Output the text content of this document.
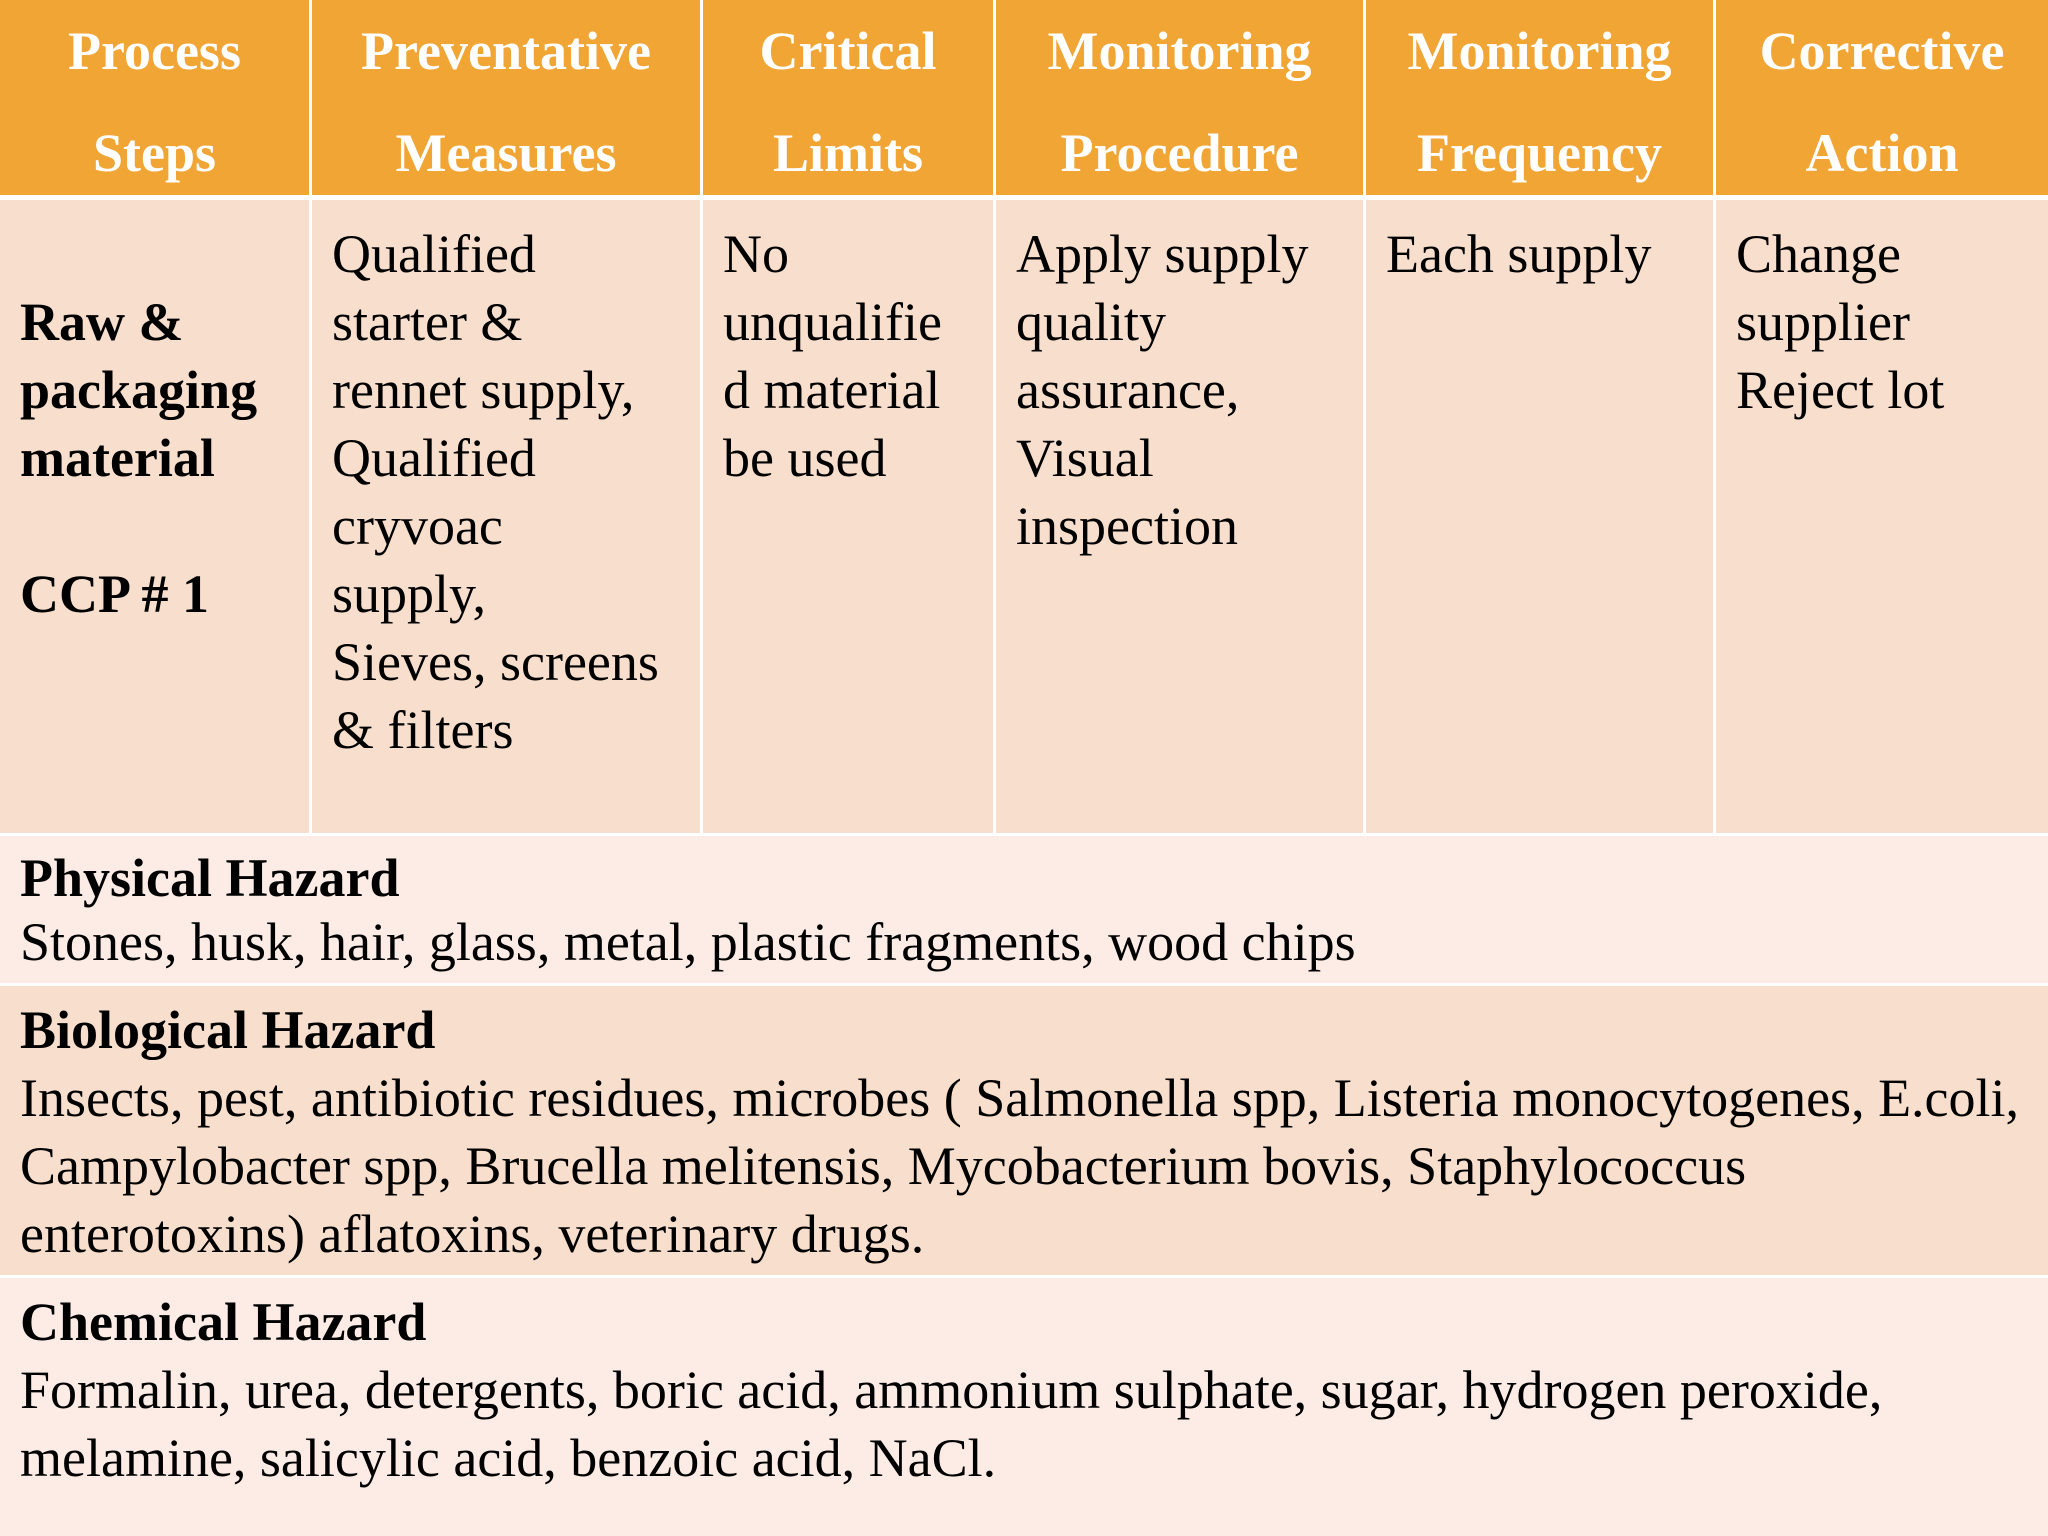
Process
Steps
Preventative
Measures
Critical
Limits
Monitoring
Procedure
Monitoring
Frequency
Corrective
Action

Raw &
packaging
material

CCP # 1

Qualified
starter &
rennet supply,
Qualified
cryvoac
supply,
Sieves, screens
& filters
No
unqualifie
d material
be used
Apply supply
quality
assurance,
Visual
inspection
Each supply	Change
supplier
Reject lot
Physical Hazard
Stones, husk, hair, glass, metal, plastic fragments, wood chips
Biological Hazard
Insects, pest, antibiotic residues, microbes ( Salmonella spp, Listeria monocytogenes, E.coli, Campylobacter spp, Brucella melitensis, Mycobacterium bovis, Staphylococcus enterotoxins) aflatoxins, veterinary drugs.
Chemical Hazard
Formalin, urea, detergents, boric acid, ammonium sulphate, sugar, hydrogen peroxide, melamine, salicylic acid, benzoic acid, NaCl.
